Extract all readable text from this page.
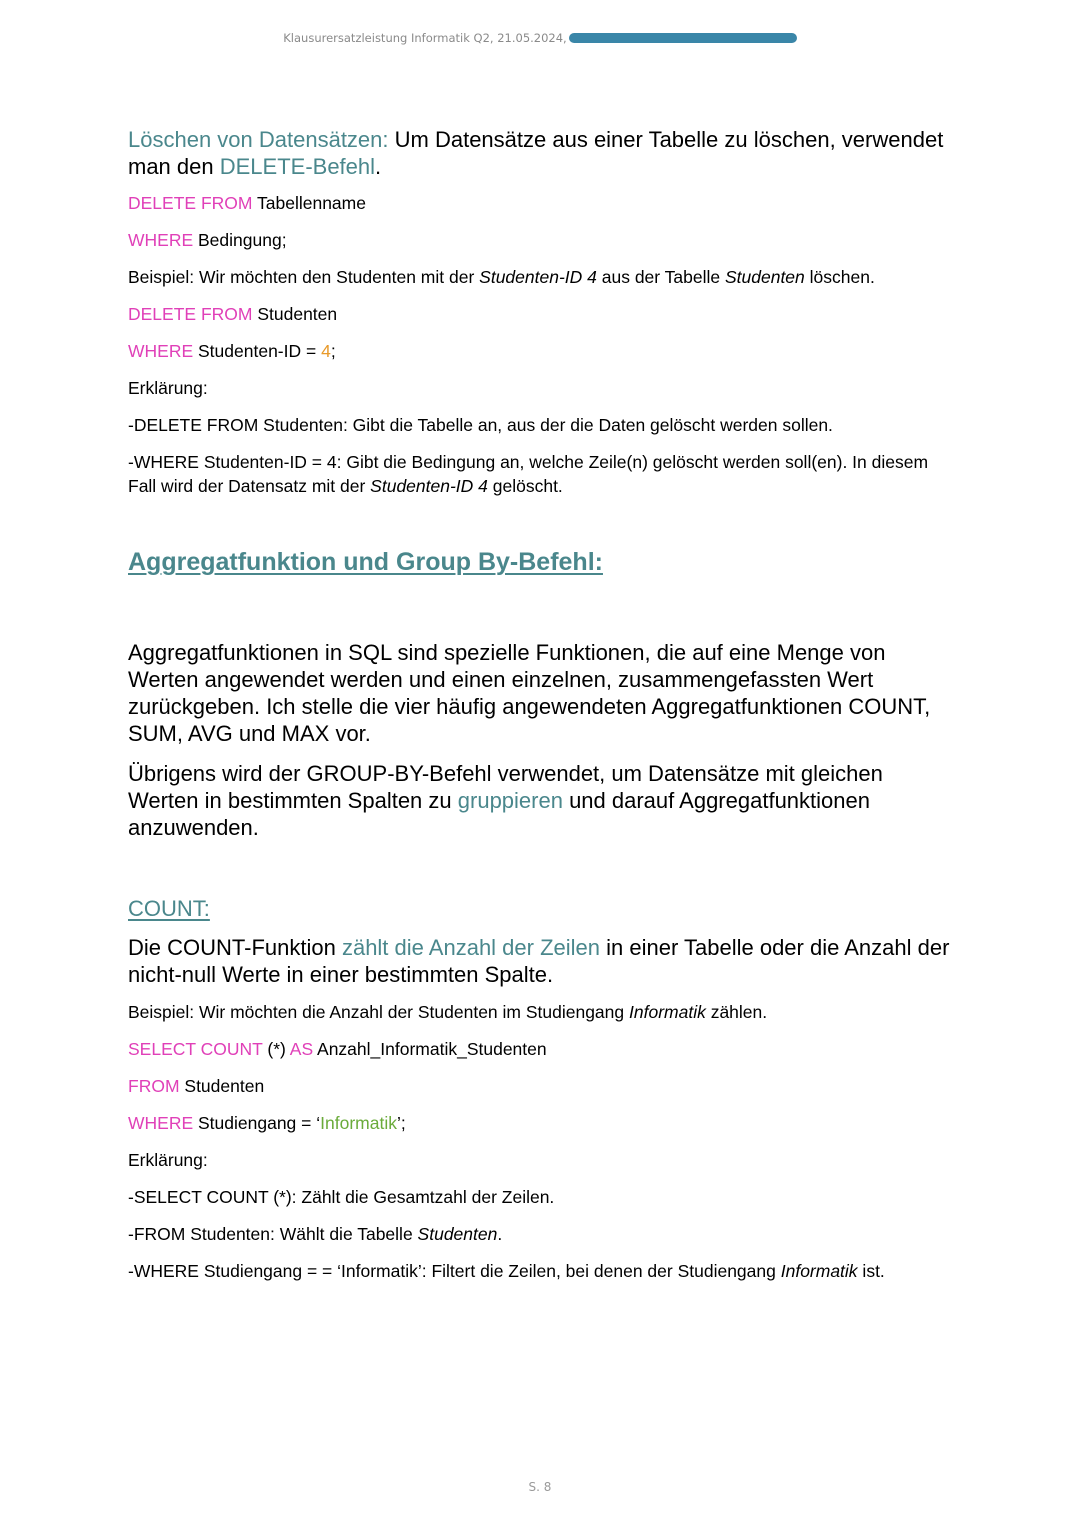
Klausurersatzleistung Informatik Q2, 21.05.2024,

Löschen von Datensätzen: Um Datensätze aus einer Tabelle zu löschen, verwendet man den DELETE-Befehl.

DELETE FROM Tabellenname

WHERE Bedingung;

Beispiel: Wir möchten den Studenten mit der Studenten-ID 4 aus der Tabelle Studenten löschen.

DELETE FROM Studenten

WHERE Studenten-ID = 4;

Erklärung:

-DELETE FROM Studenten: Gibt die Tabelle an, aus der die Daten gelöscht werden sollen.

-WHERE Studenten-ID = 4: Gibt die Bedingung an, welche Zeile(n) gelöscht werden soll(en). In diesem Fall wird der Datensatz mit der Studenten-ID 4 gelöscht.

Aggregatfunktion und Group By-Befehl:

Aggregatfunktionen in SQL sind spezielle Funktionen, die auf eine Menge von Werten angewendet werden und einen einzelnen, zusammengefassten Wert zurückgeben. Ich stelle die vier häufig angewendeten Aggregatfunktionen COUNT, SUM, AVG und MAX vor.

Übrigens wird der GROUP-BY-Befehl verwendet, um Datensätze mit gleichen Werten in bestimmten Spalten zu gruppieren und darauf Aggregatfunktionen anzuwenden.

COUNT:

Die COUNT-Funktion zählt die Anzahl der Zeilen in einer Tabelle oder die Anzahl der nicht-null Werte in einer bestimmten Spalte.

Beispiel: Wir möchten die Anzahl der Studenten im Studiengang Informatik zählen.

SELECT COUNT (*) AS Anzahl_Informatik_Studenten

FROM Studenten

WHERE Studiengang = ‘Informatik’;

Erklärung:

-SELECT COUNT (*): Zählt die Gesamtzahl der Zeilen.

-FROM Studenten: Wählt die Tabelle Studenten.

-WHERE Studiengang = = ‘Informatik’: Filtert die Zeilen, bei denen der Studiengang Informatik ist.

S. 8
